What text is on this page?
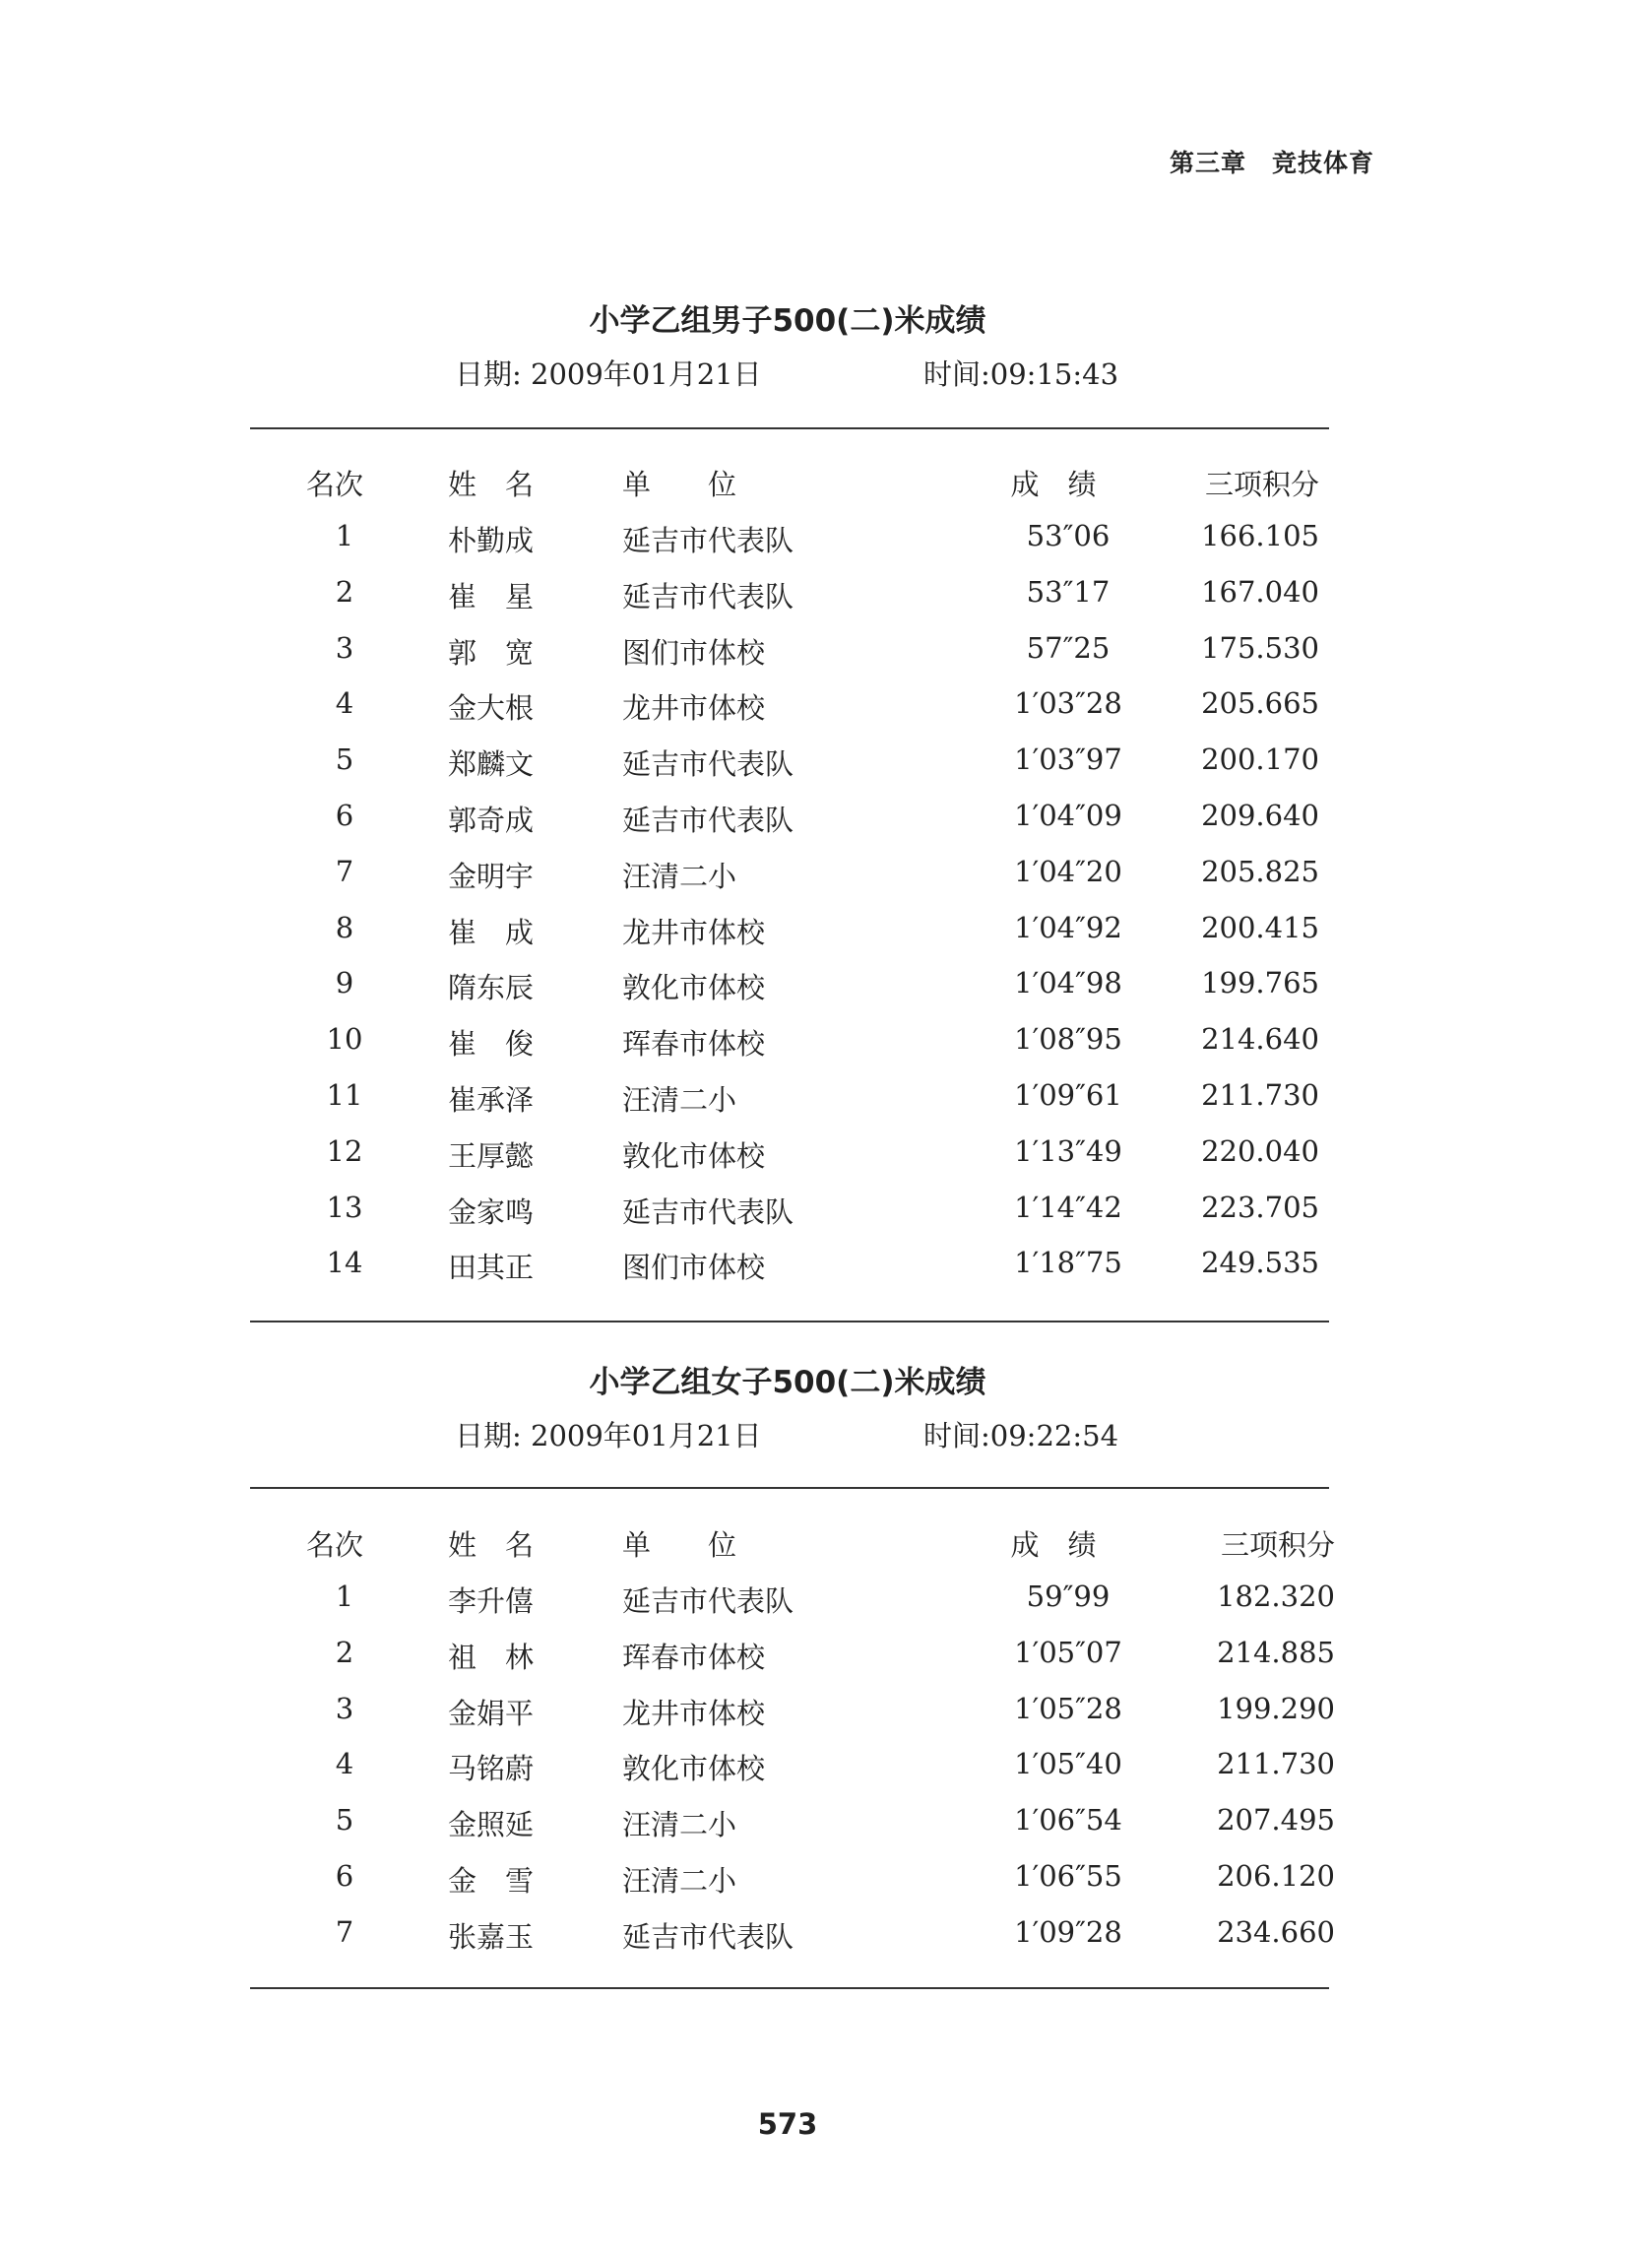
第三章　竞技体育
小学乙组男子500(二)米成绩
日期: 2009年01月21日	时间:09:15:43
名次	姓　名	单　　位	成　绩	三项积分
1	朴勤成	延吉市代表队	53″06	166.105
2	崔　星	延吉市代表队	53″17	167.040
3	郭　宽	图们市体校	57″25	175.530
4	金大根	龙井市体校	1′03″28	205.665
5	郑麟文	延吉市代表队	1′03″97	200.170
6	郭奇成	延吉市代表队	1′04″09	209.640
7	金明宇	汪清二小	1′04″20	205.825
8	崔　成	龙井市体校	1′04″92	200.415
9	隋东辰	敦化市体校	1′04″98	199.765
10	崔　俊	珲春市体校	1′08″95	214.640
11	崔承泽	汪清二小	1′09″61	211.730
12	王厚懿	敦化市体校	1′13″49	220.040
13	金家鸣	延吉市代表队	1′14″42	223.705
14	田其正	图们市体校	1′18″75	249.535
小学乙组女子500(二)米成绩
日期: 2009年01月21日	时间:09:22:54
名次	姓　名	单　　位	成　绩	三项积分
1	李升僖	延吉市代表队	59″99	182.320
2	祖　林	珲春市体校	1′05″07	214.885
3	金娟平	龙井市体校	1′05″28	199.290
4	马铭蔚	敦化市体校	1′05″40	211.730
5	金照延	汪清二小	1′06″54	207.495
6	金　雪	汪清二小	1′06″55	206.120
7	张嘉玉	延吉市代表队	1′09″28	234.660
573
